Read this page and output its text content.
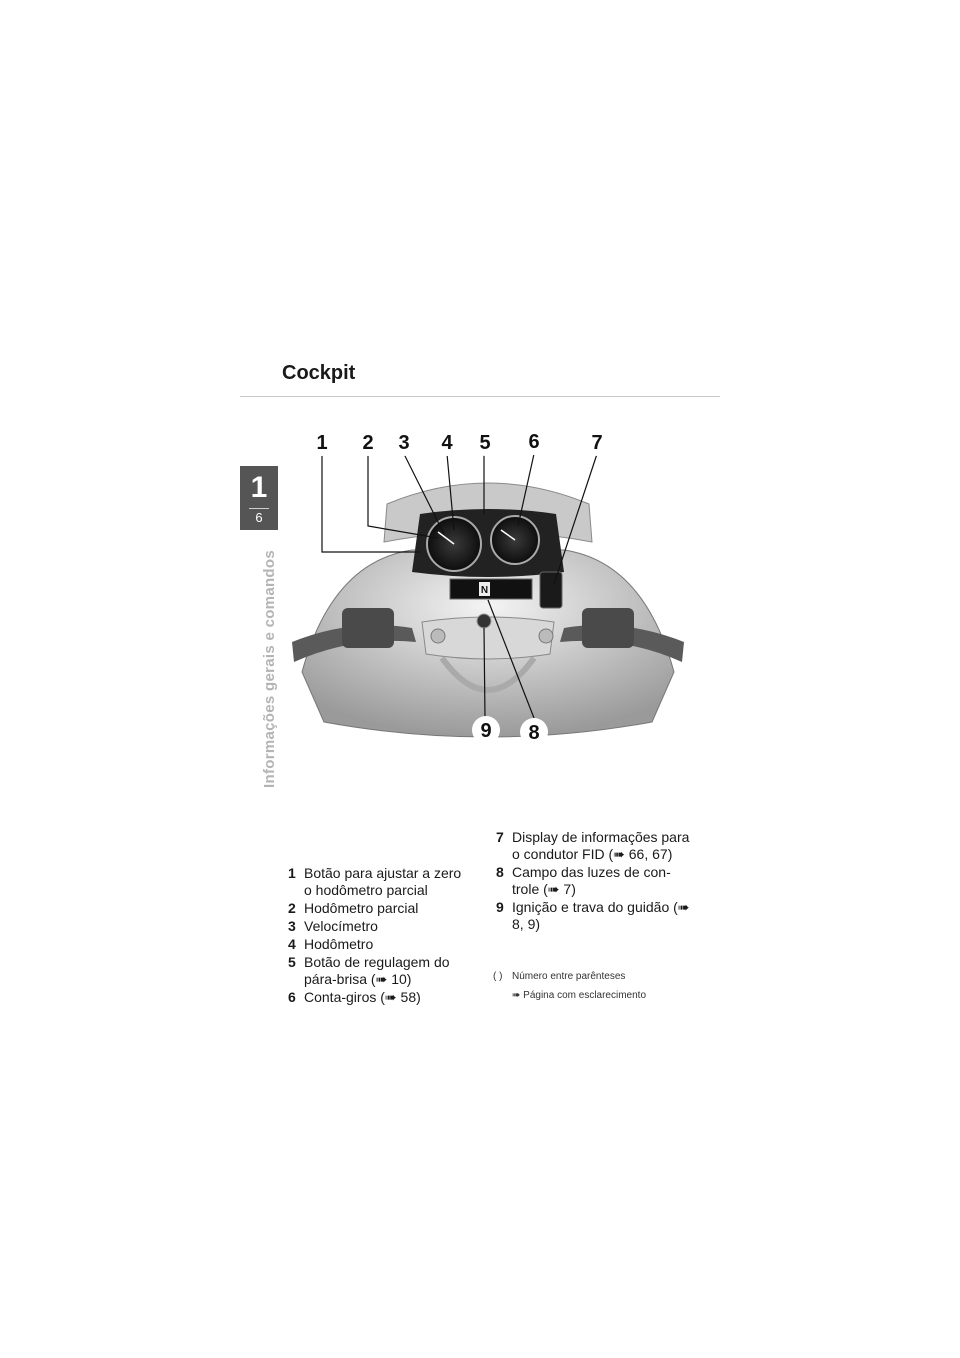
1
6
Informações gerais e comandos
Cockpit
N
1 2 3 4 5 6	7
8
9
1 Botão para ajustar a zero o hodômetro parcial
2 Hodômetro parcial
3 Velocímetro
4 Hodômetro
5 Botão de regulagem do pára-brisa (➠ 10)
6 Conta-giros (➠ 58)
7 Display de informações para o condutor FID (➠ 66, 67)
8 Campo das luzes de con-trole (➠ 7)
9 Ignição e trava do guidão (➠ 8, 9)
( ) Número entre parênteses
➠ Página com esclarecimento
